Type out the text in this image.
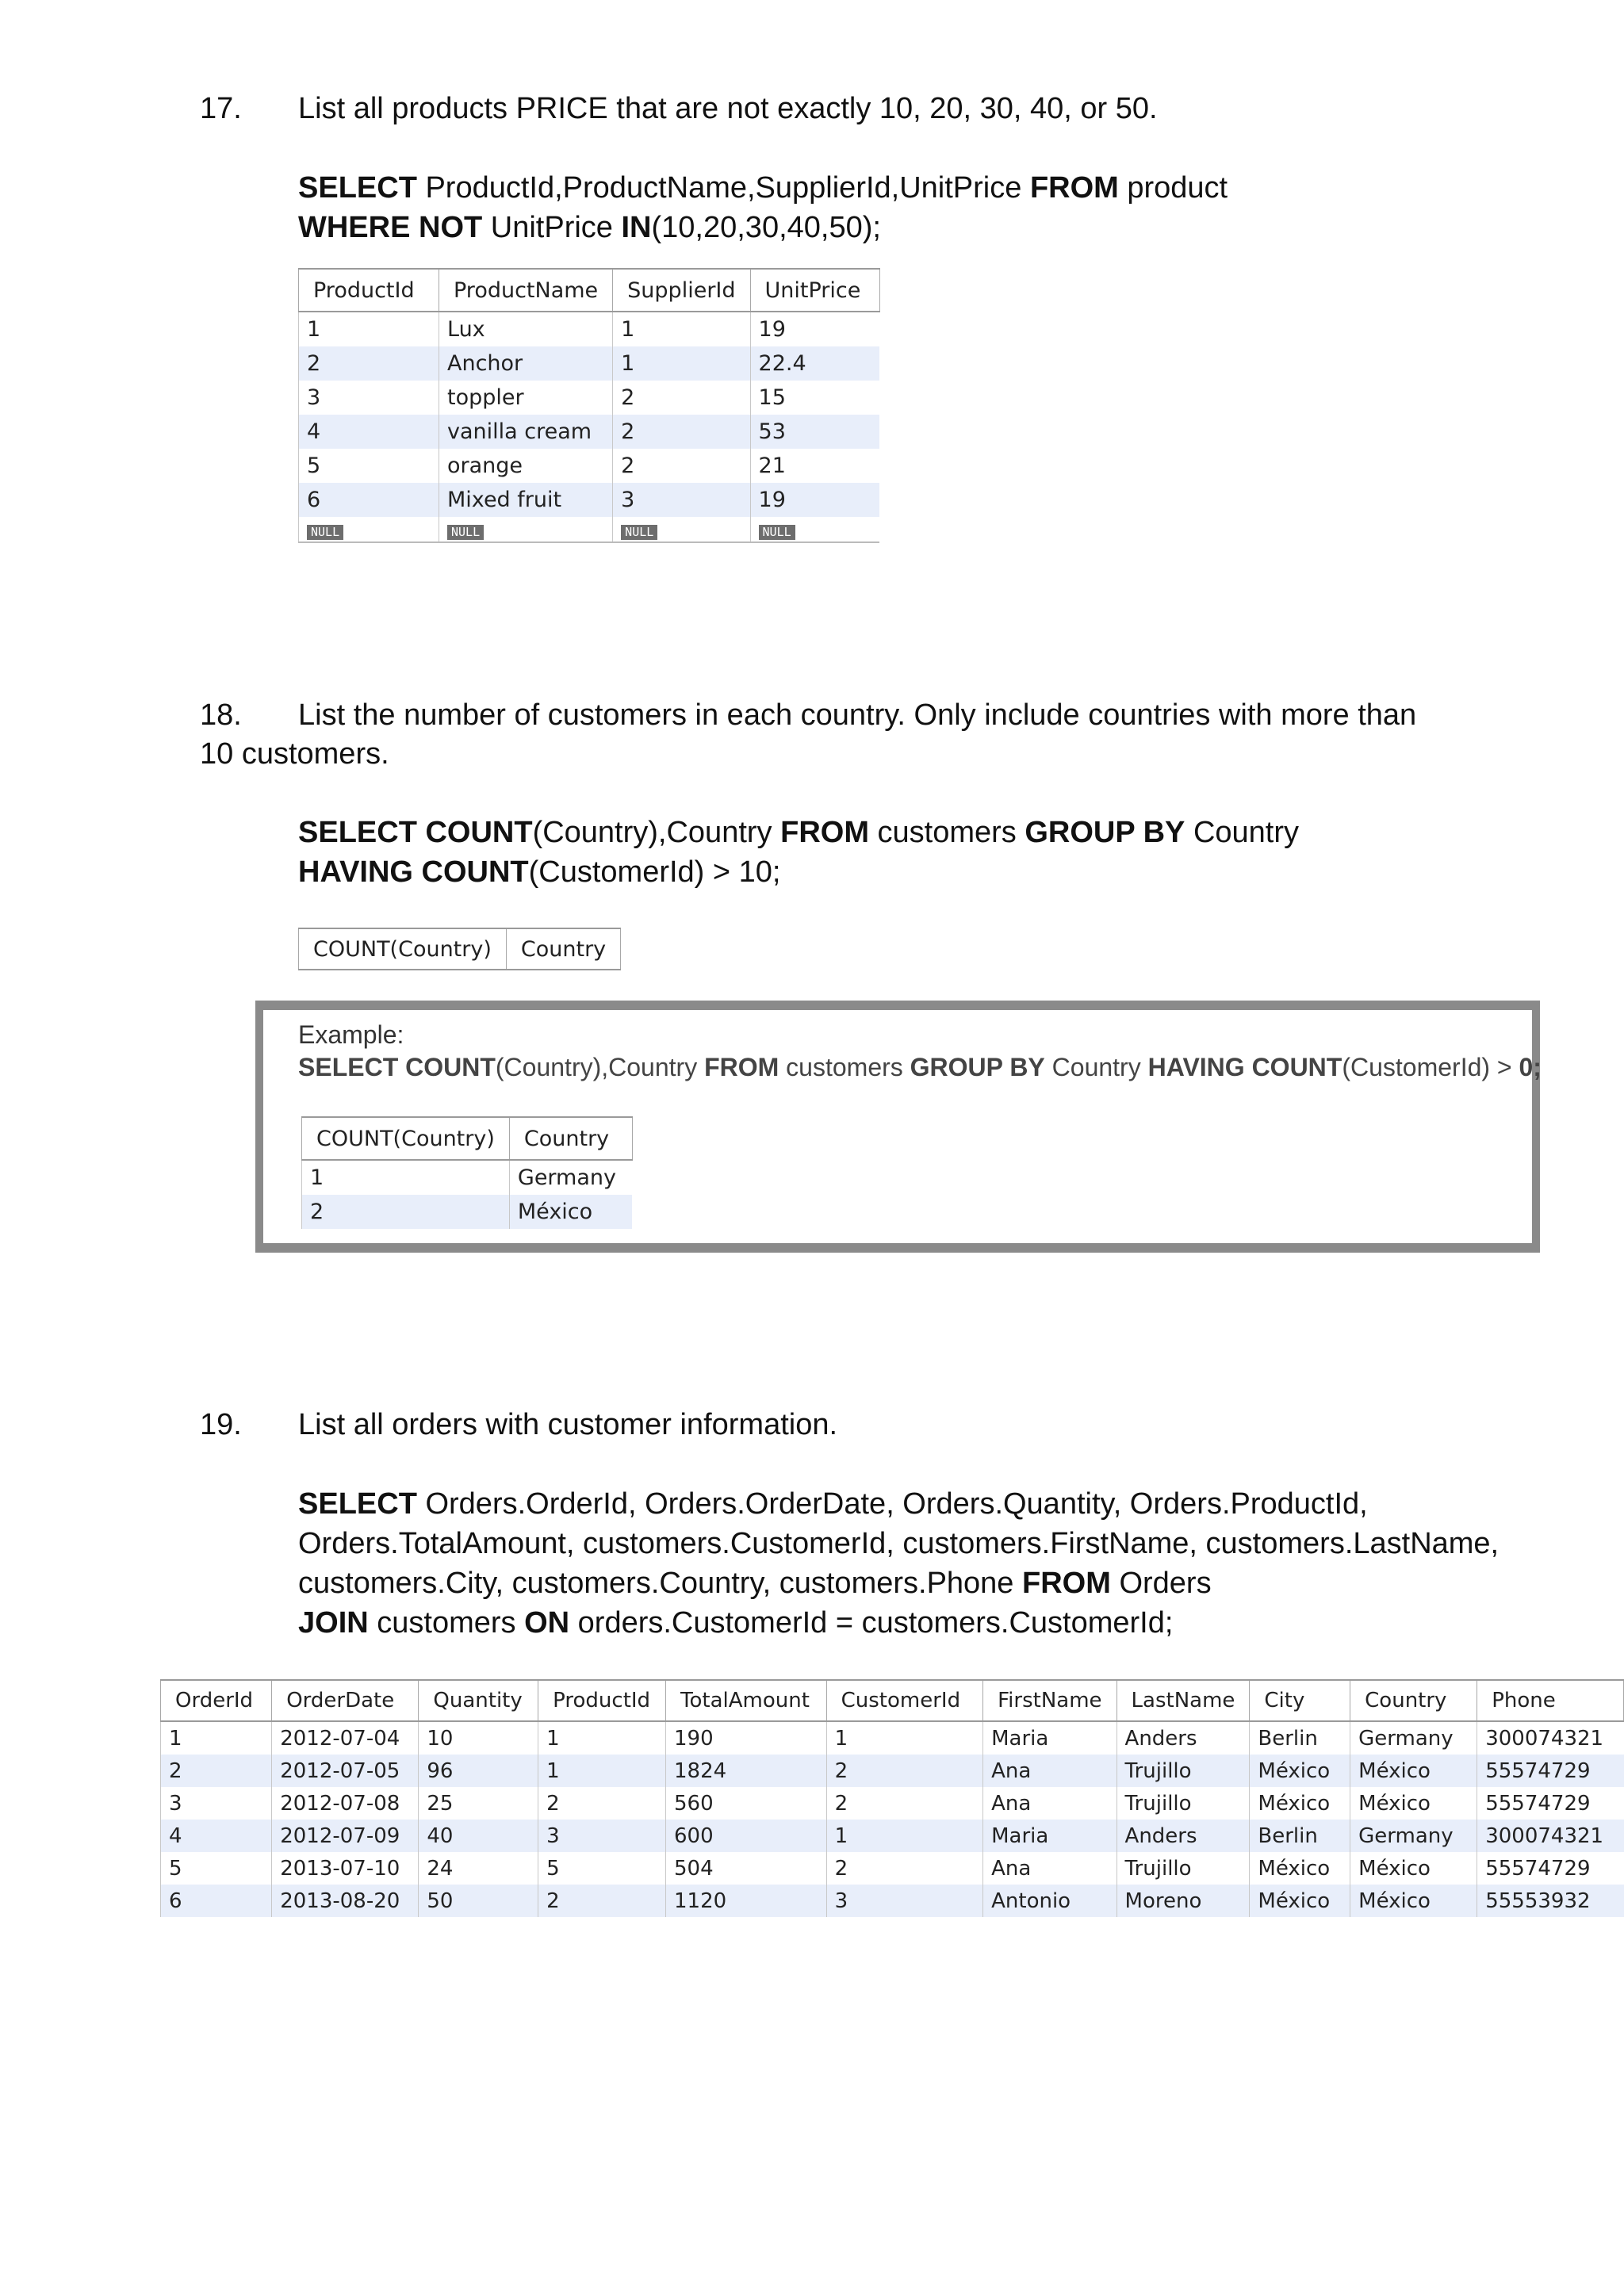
17. List all products PRICE that are not exactly 10, 20, 30, 40, or 50.
SELECT ProductId,ProductName,SupplierId,UnitPrice FROM product
WHERE NOT UnitPrice IN(10,20,30,40,50);
ProductId	ProductName	SupplierId	UnitPrice
1	Lux	1	19
2	Anchor	1	22.4
3	toppler	2	15
4	vanilla cream	2	53
5	orange	2	21
6	Mixed fruit	3	19
NULL	NULL	NULL	NULL
18. List the number of customers in each country. Only include countries with more than
10 customers.
SELECT COUNT(Country),Country FROM customers GROUP BY Country
HAVING COUNT(CustomerId) > 10;
COUNT(Country)	Country
Example:
SELECT COUNT(Country),Country FROM customers GROUP BY Country HAVING COUNT(CustomerId) > 0;
COUNT(Country)	Country
1	Germany
2	México
19. List all orders with customer information.
SELECT Orders.OrderId, Orders.OrderDate, Orders.Quantity, Orders.ProductId,
Orders.TotalAmount, customers.CustomerId, customers.FirstName, customers.LastName,
customers.City, customers.Country, customers.Phone FROM Orders
JOIN customers ON orders.CustomerId = customers.CustomerId;
OrderId	OrderDate	Quantity	ProductId	TotalAmount	CustomerId	FirstName	LastName	City	Country	Phone
1	2012-07-04	10	1	190	1	Maria	Anders	Berlin	Germany	300074321
2	2012-07-05	96	1	1824	2	Ana	Trujillo	México	México	55574729
3	2012-07-08	25	2	560	2	Ana	Trujillo	México	México	55574729
4	2012-07-09	40	3	600	1	Maria	Anders	Berlin	Germany	300074321
5	2013-07-10	24	5	504	2	Ana	Trujillo	México	México	55574729
6	2013-08-20	50	2	1120	3	Antonio	Moreno	México	México	55553932
